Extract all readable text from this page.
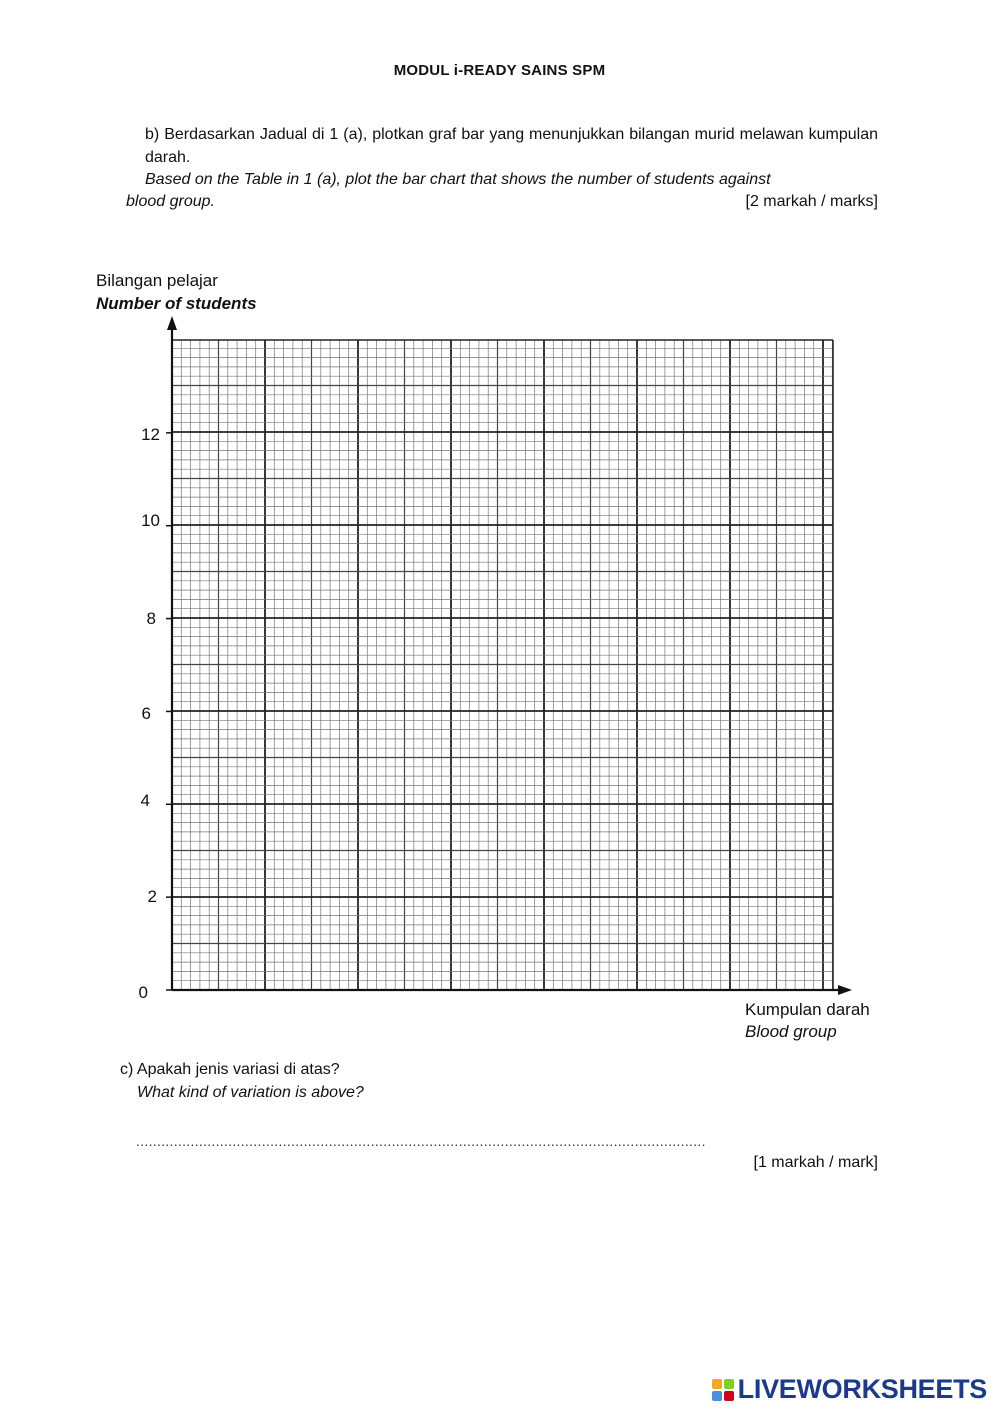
MODUL i-READY SAINS SPM
b) Berdasarkan Jadual di 1 (a), plotkan graf bar yang menunjukkan bilangan murid melawan kumpulan darah.
Based on the Table in 1 (a), plot the bar chart that shows the number of students against
blood group.	[2 markah / marks]
Bilangan pelajar
Number of students
12
10
8
6
4
2
0
Kumpulan darah
Blood group
c) Apakah jenis variasi di atas?
What kind of variation is above?
........................................................................................................................................
[1 markah / mark]
LIVEWORKSHEETS
